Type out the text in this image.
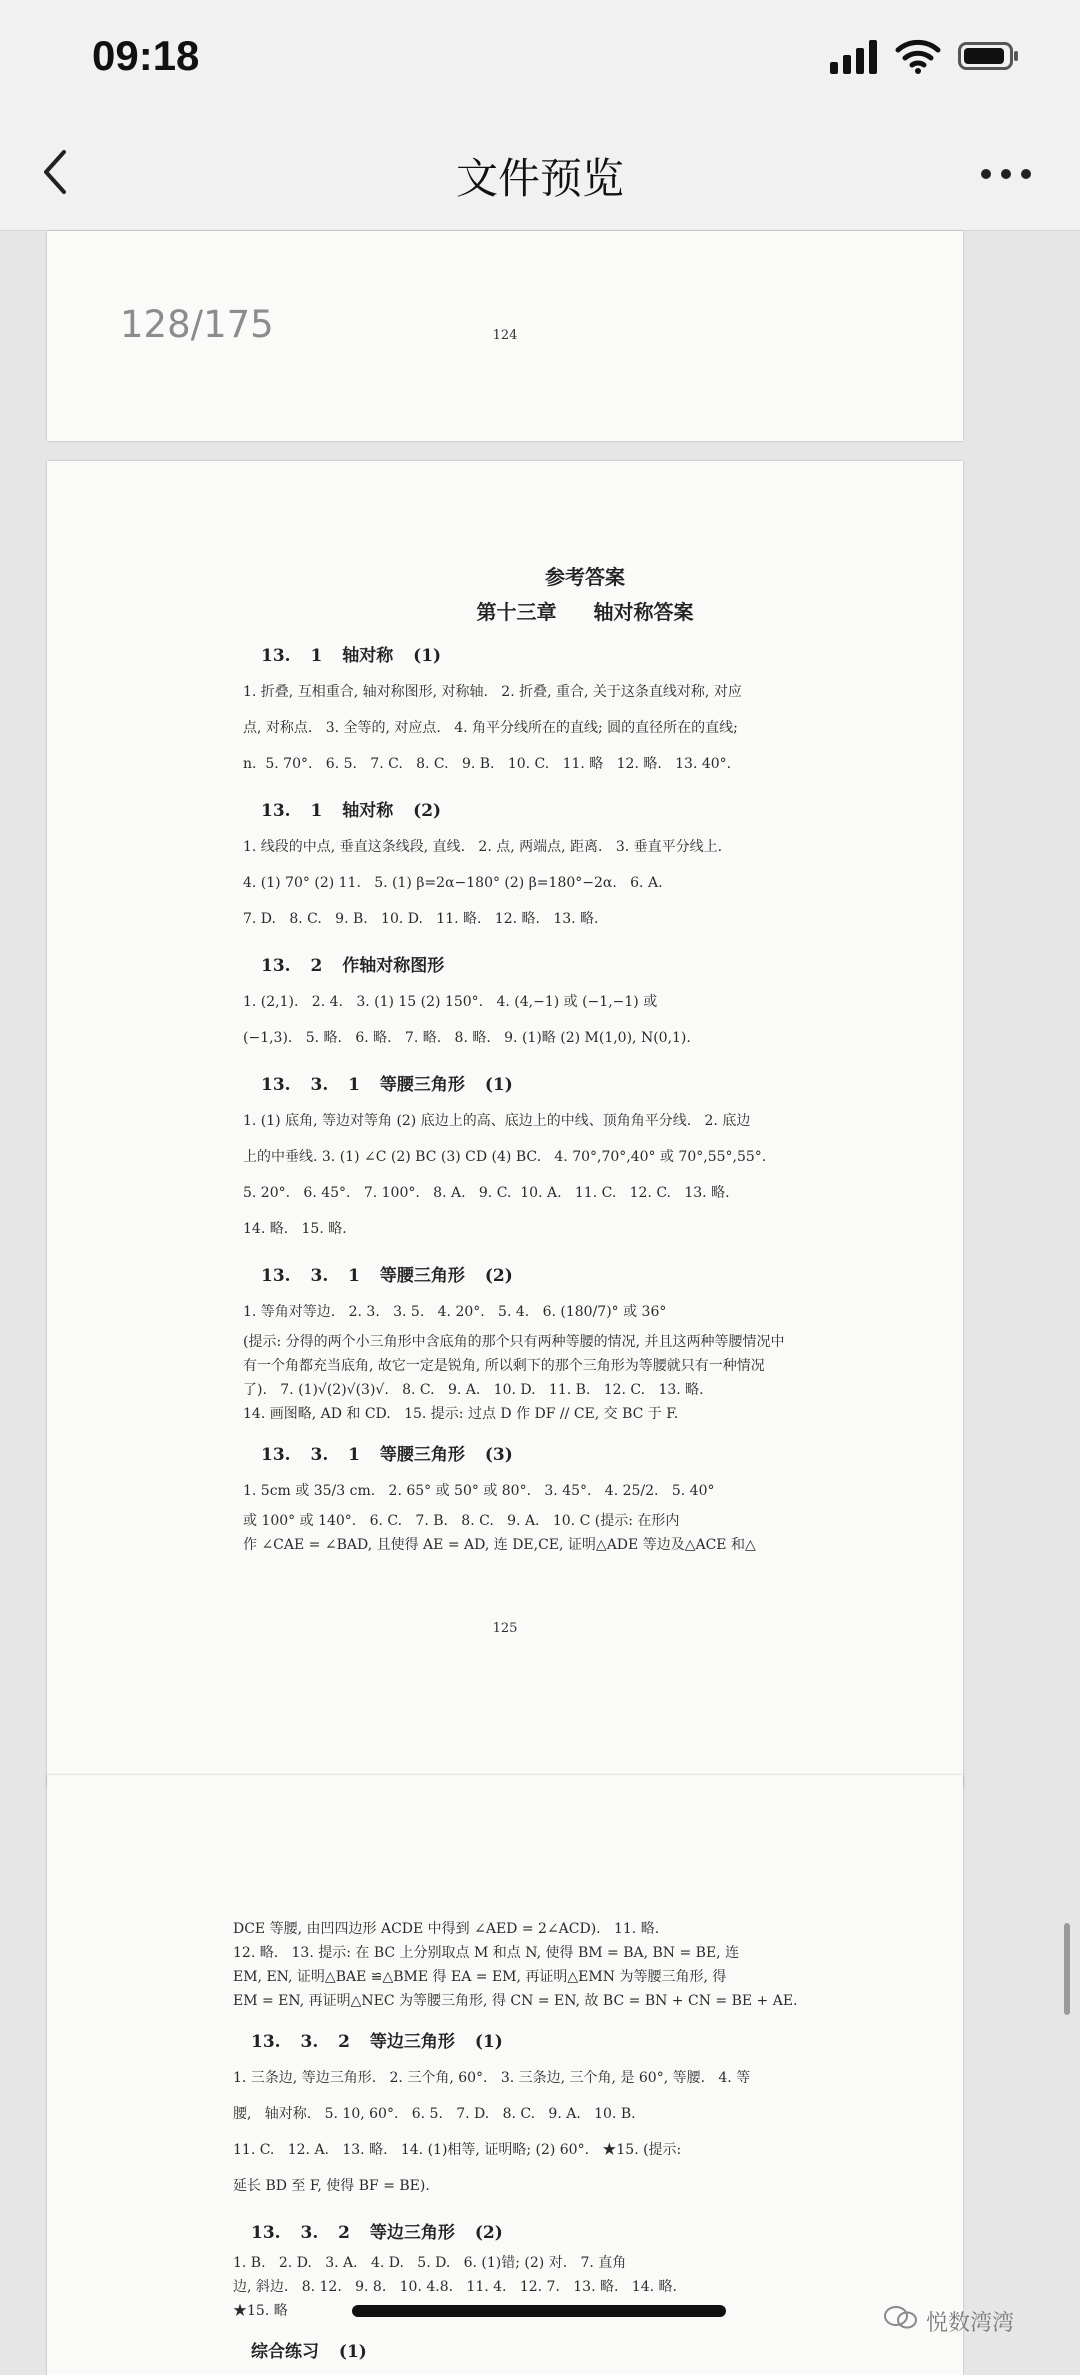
09:18
文件预览
128/175	124
参考答案
第十三章 轴对称答案
13. 1 轴对称 (1)
1. 折叠, 互相重合, 轴对称图形, 对称轴.   2. 折叠, 重合, 关于这条直线对称, 对应
点, 对称点.   3. 全等的, 对应点.   4. 角平分线所在的直线; 圆的直径所在的直线;
n.  5. 70°.   6. 5.   7. C.   8. C.   9. B.   10. C.   11. 略   12. 略.   13. 40°.
13. 1 轴对称 (2)
1. 线段的中点, 垂直这条线段, 直线.   2. 点, 两端点, 距离.   3. 垂直平分线上.
4. (1) 70° (2) 11.   5. (1) β=2α−180° (2) β=180°−2α.   6. A.
7. D.   8. C.   9. B.   10. D.   11. 略.   12. 略.   13. 略.
13. 2 作轴对称图形
1. (2,1).   2. 4.   3. (1) 15 (2) 150°.   4. (4,−1) 或 (−1,−1) 或
(−1,3).   5. 略.   6. 略.   7. 略.   8. 略.   9. (1)略 (2) M(1,0), N(0,1).
13. 3. 1 等腰三角形 (1)
1. (1) 底角, 等边对等角 (2) 底边上的高、底边上的中线、顶角角平分线.   2. 底边
上的中垂线. 3. (1) ∠C (2) BC (3) CD (4) BC.   4. 70°,70°,40° 或 70°,55°,55°.
5. 20°.   6. 45°.   7. 100°.   8. A.   9. C.  10. A.   11. C.   12. C.   13. 略.
14. 略.   15. 略.
13. 3. 1 等腰三角形 (2)
1. 等角对等边.   2. 3.   3. 5.   4. 20°.   5. 4.   6. (180/7)° 或 36°
(提示: 分得的两个小三角形中含底角的那个只有两种等腰的情况, 并且这两种等腰情况中
有一个角都充当底角, 故它一定是锐角, 所以剩下的那个三角形为等腰就只有一种情况
了).   7. (1)√(2)√(3)√.   8. C.   9. A.   10. D.   11. B.   12. C.   13. 略.
14. 画图略, AD 和 CD.   15. 提示: 过点 D 作 DF // CE, 交 BC 于 F.
13. 3. 1 等腰三角形 (3)
1. 5cm 或 35/3 cm.   2. 65° 或 50° 或 80°.   3. 45°.   4. 25/2.   5. 40°
或 100° 或 140°.   6. C.   7. B.   8. C.   9. A.   10. C (提示: 在形内
作 ∠CAE = ∠BAD, 且使得 AE = AD, 连 DE,CE, 证明△ADE 等边及△ACE 和△
125
DCE 等腰, 由凹四边形 ACDE 中得到 ∠AED = 2∠ACD).   11. 略.
12. 略.   13. 提示: 在 BC 上分别取点 M 和点 N, 使得 BM = BA, BN = BE, 连
EM, EN, 证明△BAE ≌△BME 得 EA = EM, 再证明△EMN 为等腰三角形, 得
EM = EN, 再证明△NEC 为等腰三角形, 得 CN = EN, 故 BC = BN + CN = BE + AE.
13. 3. 2 等边三角形 (1)
1. 三条边, 等边三角形.   2. 三个角, 60°.   3. 三条边, 三个角, 是 60°, 等腰.   4. 等
腰,   轴对称.   5. 10, 60°.   6. 5.   7. D.   8. C.   9. A.   10. B.
11. C.   12. A.   13. 略.   14. (1)相等, 证明略; (2) 60°.   ★15. (提示:
延长 BD 至 F, 使得 BF = BE).
13. 3. 2 等边三角形 (2)
1. B.   2. D.   3. A.   4. D.   5. D.   6. (1)错; (2) 对.   7. 直角
边, 斜边.   8. 12.   9. 8.   10. 4.8.   11. 4.   12. 7.   13. 略.   14. 略.
★15. 略
综合练习 (1)
悦数湾湾
